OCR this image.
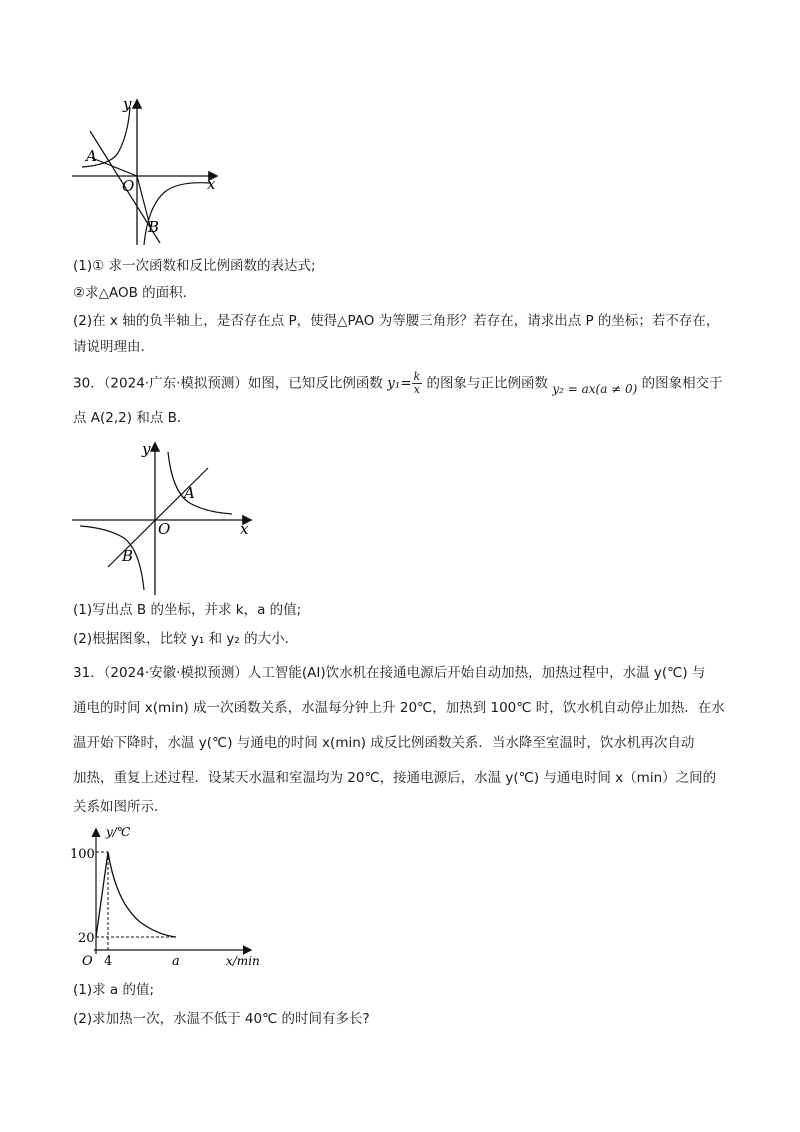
y
x
A
O
B
(1)① 求一次函数和反比例函数的表达式;
②求△AOB 的面积．
(2)在 x 轴的负半轴上，是否存在点 P，使得△PAO 为等腰三角形？若存在，请求出点 P 的坐标；若不存在，
请说明理由．
30．（2024·广东·模拟预测）如图，已知反比例函数 $y_1= \frac{k}{x}$ 的图象与正比例函数 y₂ = ax(a ≠ 0) 的图象相交于
点 A(2,2) 和点 B．
y
x
A
O
B
(1)写出点 B 的坐标，并求 k，a 的值;
(2)根据图象，比较 y₁ 和 y₂ 的大小．
31．（2024·安徽·模拟预测）人工智能(AI)饮水机在接通电源后开始自动加热，加热过程中，水温 y(℃) 与
通电的时间 x(min) 成一次函数关系，水温每分钟上升 20℃，加热到 100℃ 时，饮水机自动停止加热．在水
温开始下降时，水温 y(℃) 与通电的时间 x(min) 成反比例函数关系．当水降至室温时，饮水机再次自动
加热，重复上述过程．设某天水温和室温均为 20℃，接通电源后，水温 y(℃) 与通电时间 x（min）之间的
关系如图所示．
y/℃
x/min
100
20
O 4	a
(1)求 a 的值;
(2)求加热一次，水温不低于 40℃ 的时间有多长?
